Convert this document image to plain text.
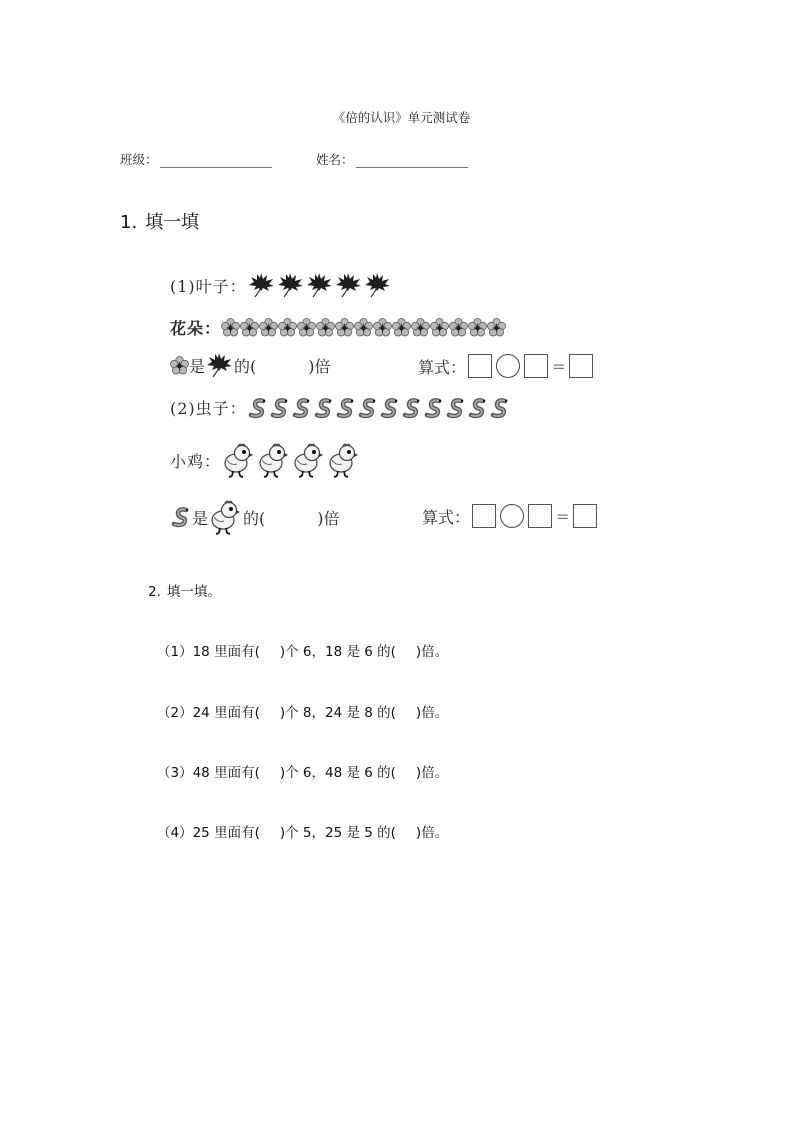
《倍的认识》单元测试卷
班级：	姓名：
1. 填一填
(1)叶子：
花朵：
是 的(	)倍	算式：	=
(2)虫子：
小鸡：
是 的(	)倍	算式：	=
2. 填一填。
（1）18 里面有( )个 6，18 是 6 的( )倍。
（2）24 里面有( )个 8，24 是 8 的( )倍。
（3）48 里面有( )个 6，48 是 6 的( )倍。
（4）25 里面有( )个 5，25 是 5 的( )倍。
